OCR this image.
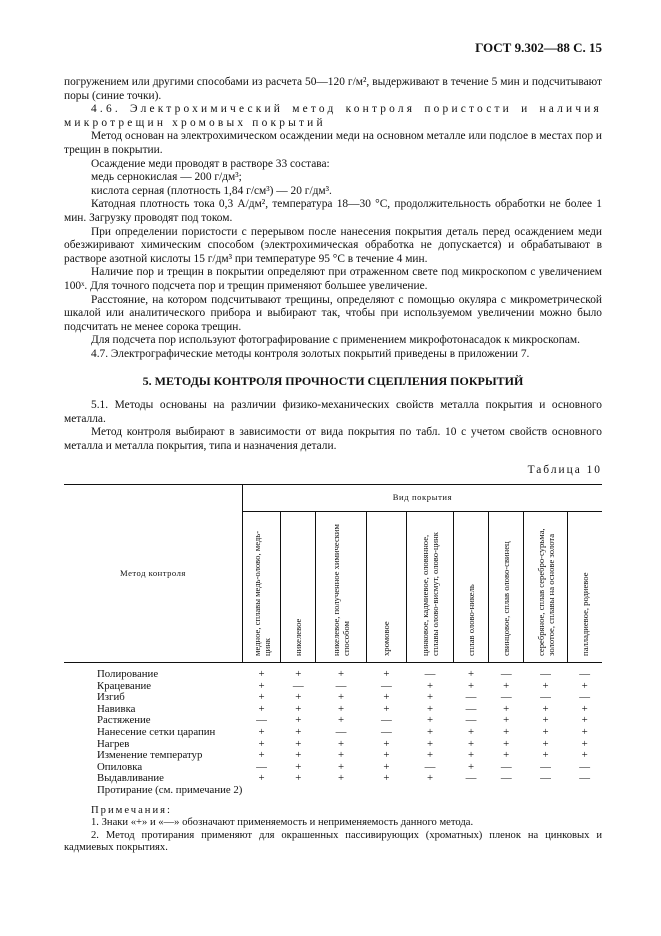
ГОСТ 9.302—88 С. 15

погружением или другими способами из расчета 50—120 г/м², выдерживают в течение 5 мин и подсчитывают поры (синие точки).

4.6. Электрохимический метод контроля пористости и наличия микротрещин хромовых покрытий

Метод основан на электрохимическом осаждении меди на основном металле или подслое в местах пор и трещин в покрытии.

Осаждение меди проводят в растворе 33 состава:

медь сернокислая — 200 г/дм³;

кислота серная (плотность 1,84 г/см³) — 20 г/дм³.

Катодная плотность тока 0,3 А/дм², температура 18—30 °С, продолжительность обработки не более 1 мин. Загрузку проводят под током.

При определении пористости с перерывом после нанесения покрытия деталь перед осаждением меди обезжиривают химическим способом (электрохимическая обработка не допускается) и обрабатывают в растворе азотной кислоты 15 г/дм³ при температуре 95 °С в течение 4 мин.

Наличие пор и трещин в покрытии определяют при отраженном свете под микроскопом с увеличением 100ˣ. Для точного подсчета пор и трещин применяют большее увеличение.

Расстояние, на котором подсчитывают трещины, определяют с помощью окуляра с микрометрической шкалой или аналитического прибора и выбирают так, чтобы при используемом увеличении можно было подсчитать не менее сорока трещин.

Для подсчета пор используют фотографирование с применением микрофотонасадок к микроскопам.

4.7. Электрографические методы контроля золотых покрытий приведены в приложении 7.

5. МЕТОДЫ КОНТРОЛЯ ПРОЧНОСТИ СЦЕПЛЕНИЯ ПОКРЫТИЙ

5.1. Методы основаны на различии физико-механических свойств металла покрытия и основного металла.

Метод контроля выбирают в зависимости от вида покрытия по табл. 10 с учетом свойств основного металла и металла покрытия, типа и назначения детали.

Таблица 10

Метод контроля	Вид покрытия								

	медное, сплавы медь-олово, медь-цинк	никелевое	никелевое, полученное химическим способом	хромовое	цинковое, кадмиевое, оловянное, сплавы олово-висмут, олово-цинк	сплав олово-никель	свинцовое, сплав олово-свинец	серебряное, сплав серебро-сурьма, золотое, сплавы на основе золота	палладиевое, родиевое

Полирование	+	+	+	+	—	+	—	—	—
Крацевание	+	—	—	—	+	+	+	+	+
Изгиб	+	+	+	+	+	—	—	—	—
Навивка	+	+	+	+	+	—	+	+	+
Растяжение	—	+	+	—	+	—	+	+	+
Нанесение сетки царапин	+	+	—	—	+	+	+	+	+
Нагрев	+	+	+	+	+	+	+	+	+
Изменение температур	+	+	+	+	+	+	+	+	+
Опиловка	—	+	+	+	—	+	—	—	—
Выдавливание	+	+	+	+	+	—	—	—	—
Протирание (см. примечание 2)									

Примечания:

1. Знаки «+» и «—» обозначают применяемость и неприменяемость данного метода.

2. Метод протирания применяют для окрашенных пассивирующих (хроматных) пленок на цинковых и кадмиевых покрытиях.
